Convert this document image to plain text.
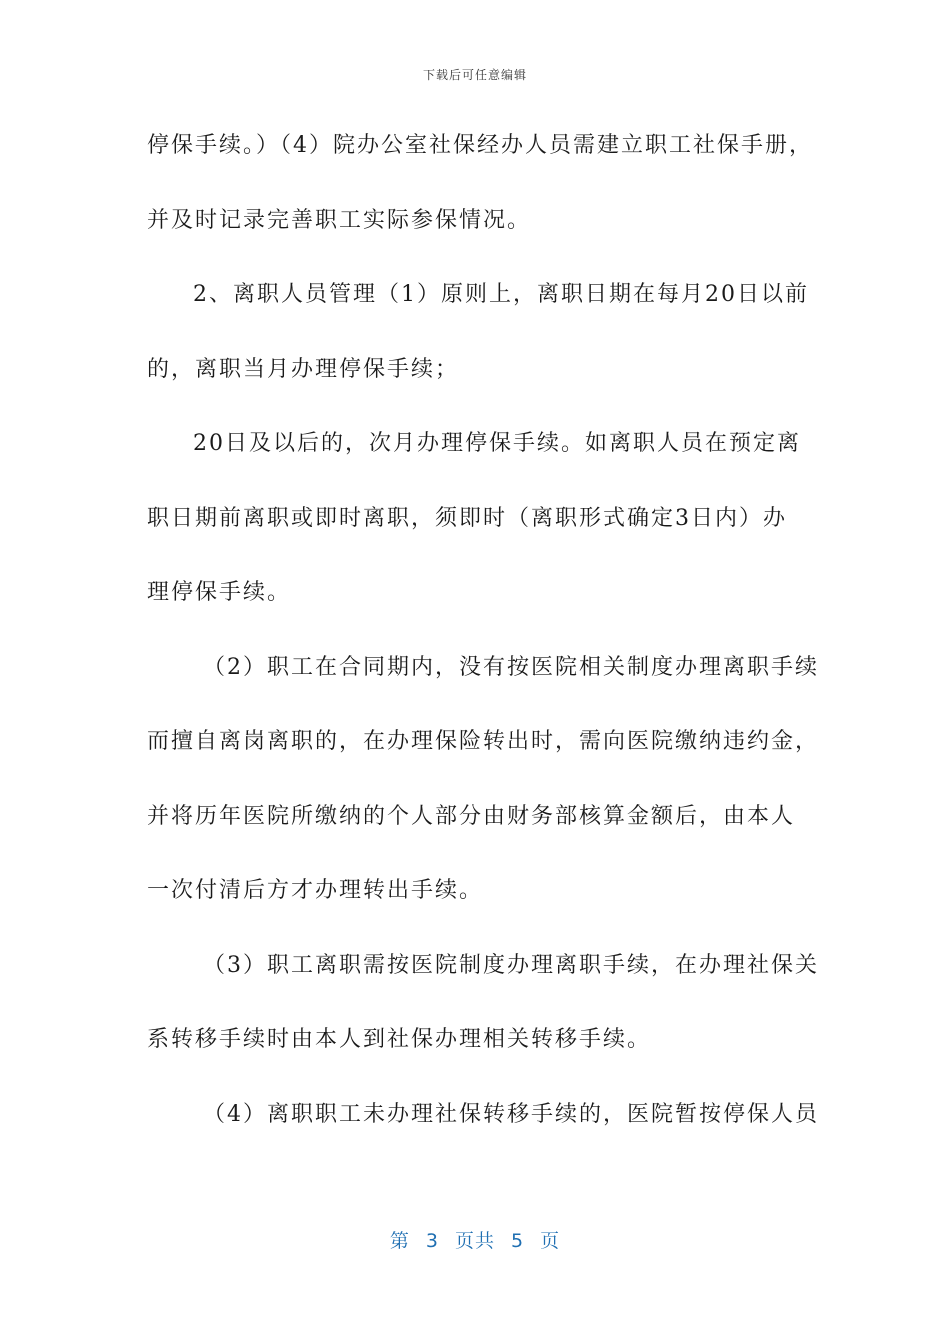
下载后可任意编辑
停保手续。）（4）院办公室社保经办人员需建立职工社保手册，
并及时记录完善职工实际参保情况。
2、离职人员管理（1）原则上，离职日期在每月20日以前
的，离职当月办理停保手续；
20日及以后的，次月办理停保手续。如离职人员在预定离
职日期前离职或即时离职，须即时（离职形式确定3日内）办
理停保手续。
（2）职工在合同期内，没有按医院相关制度办理离职手续
而擅自离岗离职的，在办理保险转出时，需向医院缴纳违约金，
并将历年医院所缴纳的个人部分由财务部核算金额后，由本人
一次付清后方才办理转出手续。
（3）职工离职需按医院制度办理离职手续，在办理社保关
系转移手续时由本人到社保办理相关转移手续。
（4）离职职工未办理社保转移手续的，医院暂按停保人员
第 3 页共 5 页
